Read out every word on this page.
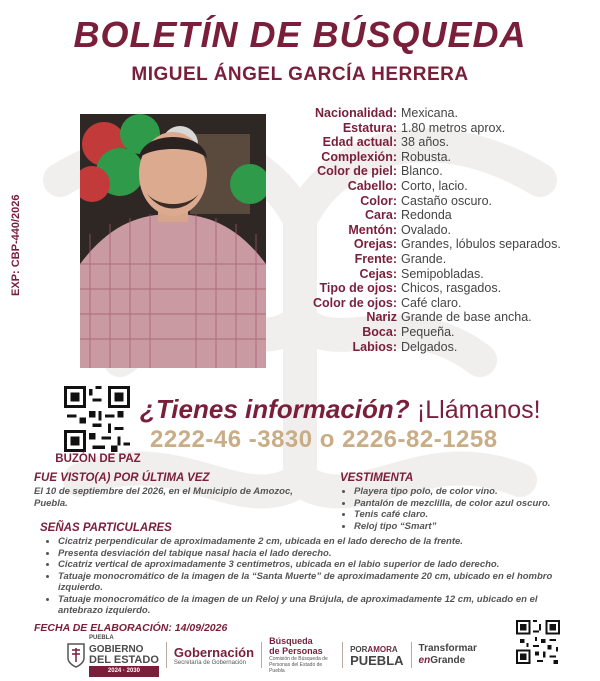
BOLETÍN DE BÚSQUEDA
MIGUEL ÁNGEL GARCÍA HERRERA
EXP: CBP-440/2026
Nacionalidad: Mexicana.
Estatura: 1.80 metros aprox.
Edad actual: 38 años.
Complexión: Robusta.
Color de piel: Blanco.
Cabello: Corto, lacio.
Color: Castaño oscuro.
Cara: Redonda
Mentón: Ovalado.
Orejas: Grandes, lóbulos separados.
Frente: Grande.
Cejas: Semipobladas.
Tipo de ojos: Chicos, rasgados.
Color de ojos: Café claro.
Nariz Grande de base ancha.
Boca: Pequeña.
Labios: Delgados.
BUZÓN DE PAZ
¿Tienes información? ¡Llámanos!
2222-46 -3830 o 2226-82-1258
FUE VISTO(A) POR ÚLTIMA VEZ
El 10 de septiembre del 2026, en el Municipio de Amozoc, Puebla.
VESTIMENTA
• Playera tipo polo, de color vino.
• Pantalón de mezclilla, de color azul oscuro.
• Tenis café claro.
• Reloj tipo “Smart”
SEÑAS PARTICULARES
• Cicatriz perpendicular de aproximadamente 2 cm, ubicada en el lado derecho de la frente.
• Presenta desviación del tabique nasal hacia el lado derecho.
• Cicatriz vertical de aproximadamente 3 centímetros, ubicada en el labio superior de lado derecho.
• Tatuaje monocromático de la imagen de la “Santa Muerte” de aproximadamente 20 cm, ubicado en el hombro izquierdo.
• Tatuaje monocromático de la imagen de un Reloj y una Brújula, de aproximadamente 12 cm, ubicado en el antebrazo izquierdo.
FECHA DE ELABORACIÓN: 14/09/2026
PUEBLA
GOBIERNO
DEL ESTADO
2024 · 2030
Gobernación
Secretaría de Gobernación
Búsqueda
de Personas
Comisión de Búsqueda de Personas del Estado de Puebla
PORAMORA
PUEBLA
Transformar
enGrande
